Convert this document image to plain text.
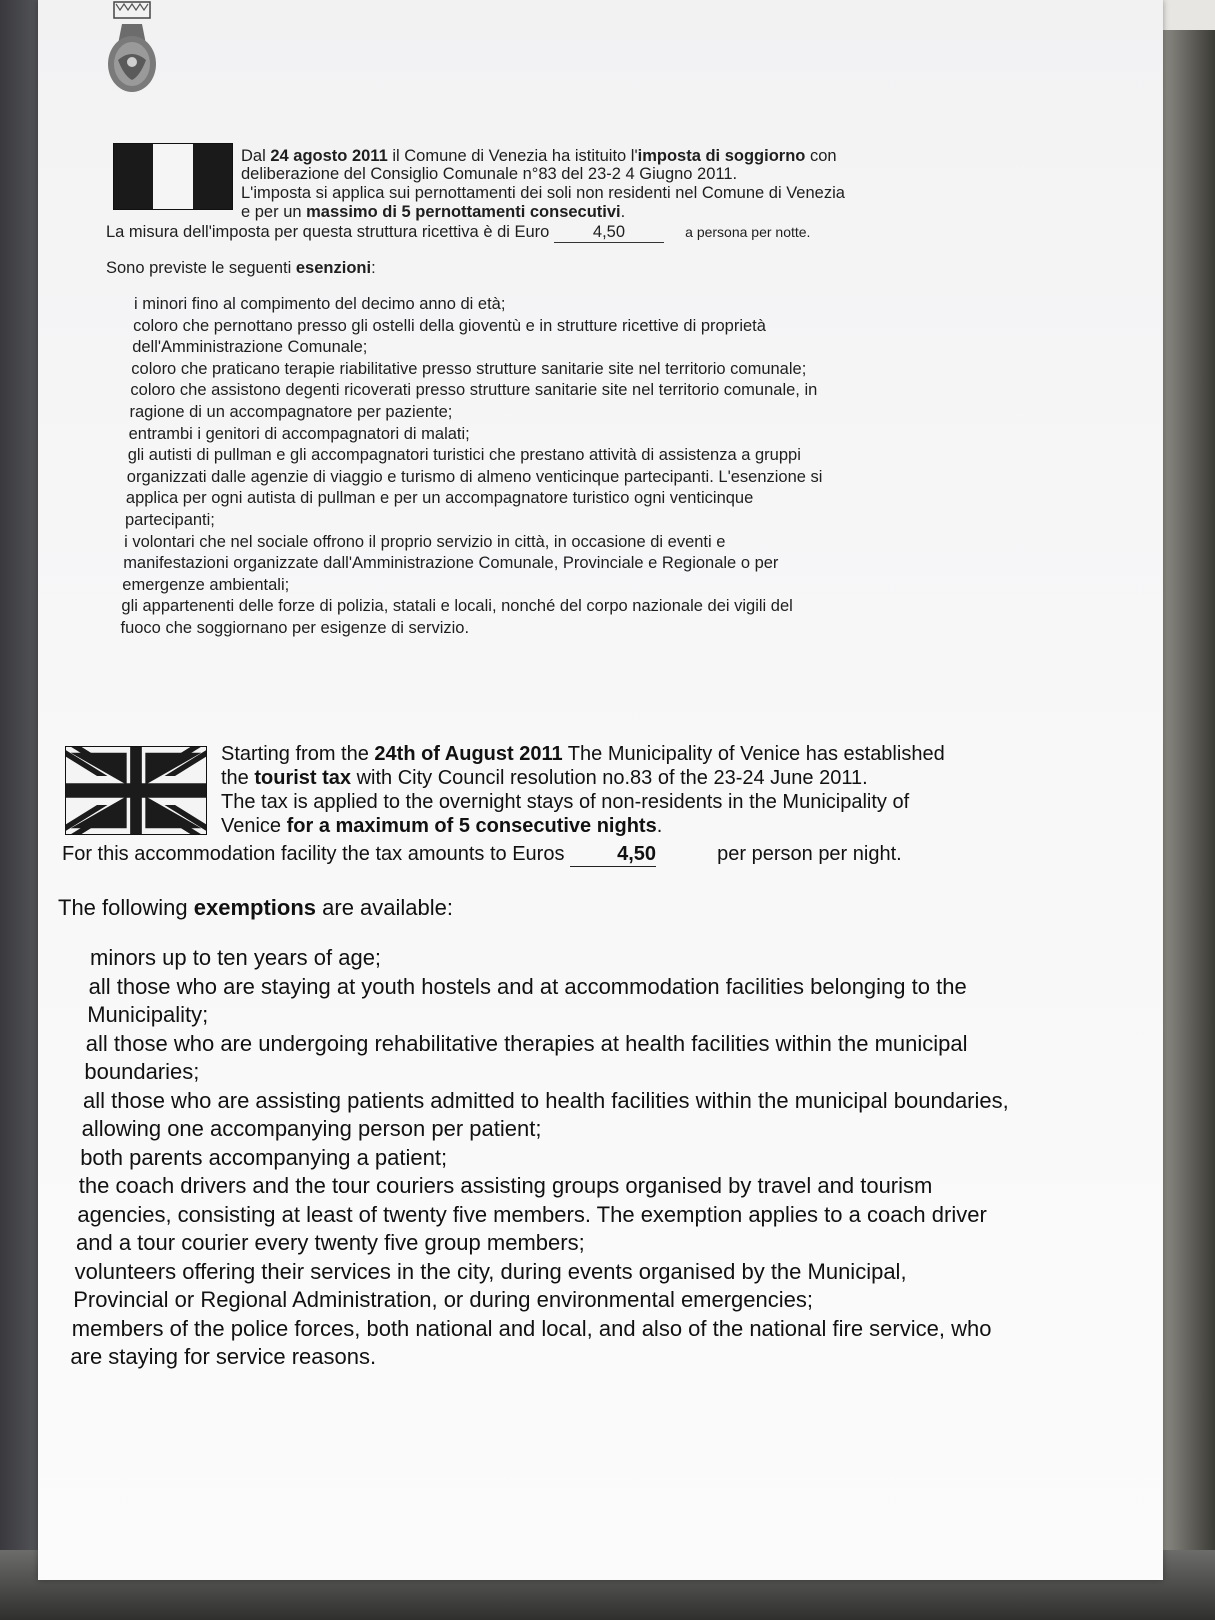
Dal 24 agosto 2011 il Comune di Venezia ha istituito l'imposta di soggiorno con
deliberazione del Consiglio Comunale n°83 del 23-2 4 Giugno 2011.
L'imposta si applica sui pernottamenti dei soli non residenti nel Comune di Venezia
e per un massimo di 5 pernottamenti consecutivi.
La misura dell'imposta per questa struttura ricettiva è di Euro	4,50	a persona per notte.
Sono previste le seguenti esenzioni:
i minori fino al compimento del decimo anno di età;
coloro che pernottano presso gli ostelli della gioventù e in strutture ricettive di proprietà
dell'Amministrazione Comunale;
coloro che praticano terapie riabilitative presso strutture sanitarie site nel territorio comunale;
coloro che assistono degenti ricoverati presso strutture sanitarie site nel territorio comunale, in
ragione di un accompagnatore per paziente;
entrambi i genitori di accompagnatori di malati;
gli autisti di pullman e gli accompagnatori turistici che prestano attività di assistenza a gruppi
organizzati dalle agenzie di viaggio e turismo di almeno venticinque partecipanti. L'esenzione si
applica per ogni autista di pullman e per un accompagnatore turistico ogni venticinque
partecipanti;
i volontari che nel sociale offrono il proprio servizio in città, in occasione di eventi e
manifestazioni organizzate dall'Amministrazione Comunale, Provinciale e Regionale o per
emergenze ambientali;
gli appartenenti delle forze di polizia, statali e locali, nonché del corpo nazionale dei vigili del
fuoco che soggiornano per esigenze di servizio.
Starting from the 24th of August 2011 The Municipality of Venice has established
the tourist tax with City Council resolution no.83 of the 23-24 June 2011.
The tax is applied to the overnight stays of non-residents in the Municipality of
Venice for a maximum of 5 consecutive nights.
For this accommodation facility the tax amounts to Euros	4,50	per person per night.
The following exemptions are available:
minors up to ten years of age;
all those who are staying at youth hostels and at accommodation facilities belonging to the
Municipality;
all those who are undergoing rehabilitative therapies at health facilities within the municipal
boundaries;
all those who are assisting patients admitted to health facilities within the municipal boundaries,
allowing one accompanying person per patient;
both parents accompanying a patient;
the coach drivers and the tour couriers assisting groups organised by travel and tourism
agencies, consisting at least of twenty five members. The exemption applies to a coach driver
and a tour courier every twenty five group members;
volunteers offering their services in the city, during events organised by the Municipal,
Provincial or Regional Administration, or during environmental emergencies;
members of the police forces, both national and local, and also of the national fire service, who
are staying for service reasons.
